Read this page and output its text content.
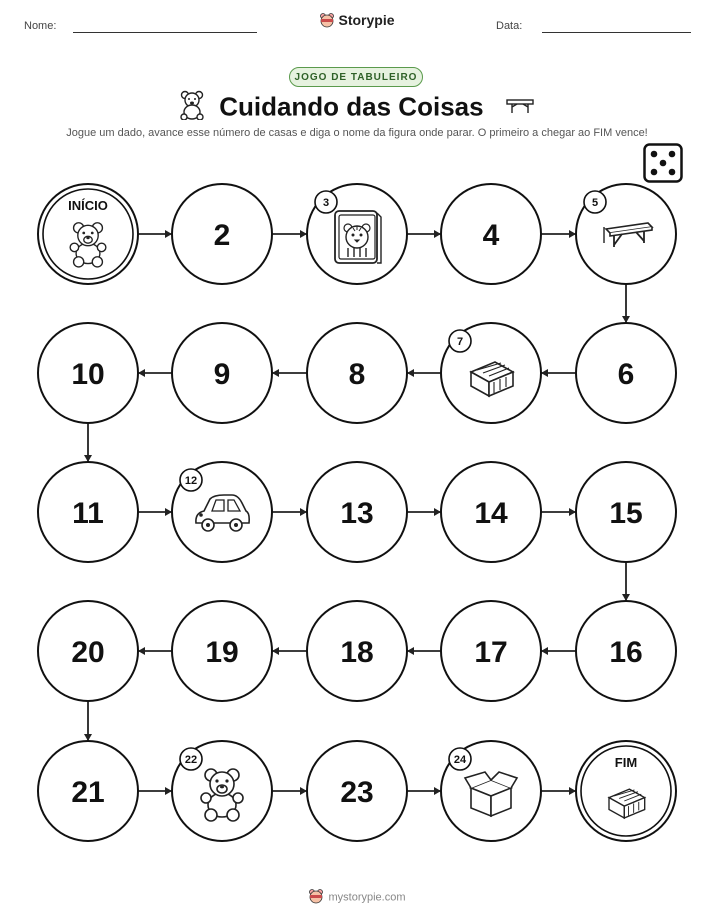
Nome:	Data:
Storypie
JOGO DE TABULEIRO
Cuidando das Coisas
Jogue um dado, avance esse número de casas e diga o nome da figura onde parar. O primeiro a chegar ao FIM vence!
INÍCIO
2
3
4
5
6
7
8
9
10
11
12
13	14	15
16
17
18
19
20
21
22
23
24	FIM
mystorypie.com
